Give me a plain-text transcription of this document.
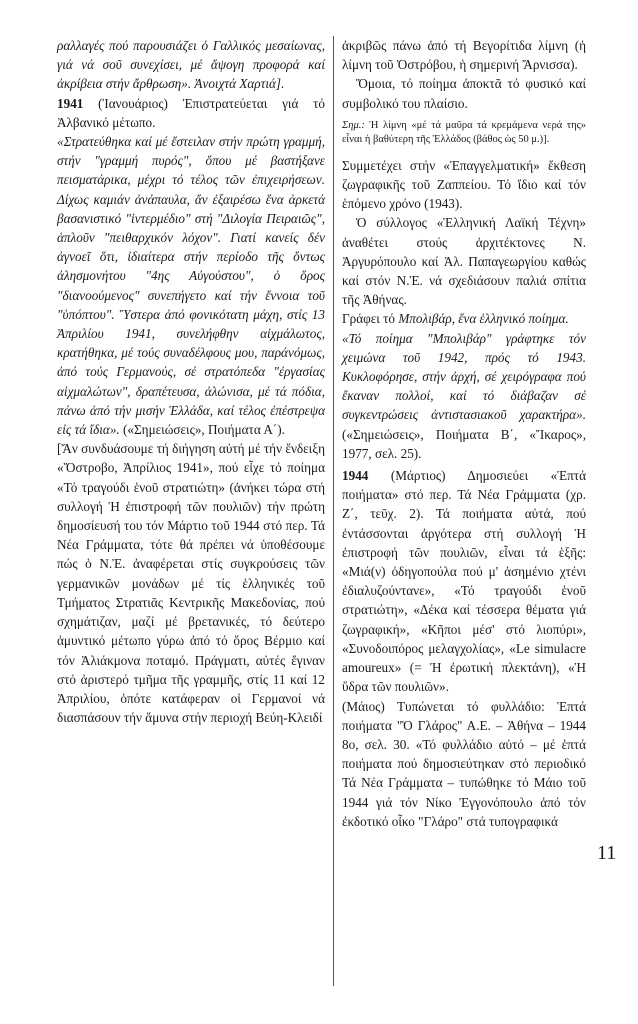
ραλλαγές πού παρουσιάζει ὁ Γαλλικός μεσαίωνας, γιά νά σοῦ συνεχίσει, μέ ἄψογη προφορά καί ἀκρίβεια στήν ἄρθρωση». Ἀνοιχτά Χαρτιά].

1941 (Ἰανουάριος) Ἐπιστρατεύεται γιά τό Ἀλβανικό μέτωπο.

«Στρατεύθηκα καί μέ ἔστειλαν στήν πρώτη γραμμή, στήν "γραμμή πυρός", ὅπου μέ βαστήξανε πεισματάρικα, μέχρι τό τέλος τῶν ἐπιχειρήσεων. Δίχως καμιάν ἀνάπαυλα, ἄν ἐξαιρέσω ἕνα ἀρκετά βασανιστικό "ἰντερμέδιο" στή "Διλογία Πειραιῶς", ἁπλοῦν "πειθαρχικόν λόχον". Γιατί κανείς δέν ἀγνοεῖ ὅτι, ἰδιαίτερα στήν περίοδο τῆς ὄντως ἀλησμονήτου "4ης Αὐγούστου", ὁ ὅρος "διανοούμενος" συνεπήγετο καί τήν ἔννοια τοῦ "ὑπόπτου". Ὕστερα ἀπό φονικότατη μάχη, στίς 13 Ἀπριλίου 1941, συνελήφθην αἰχμάλωτος, κρατήθηκα, μέ τούς συναδέλφους μου, παράνόμως, ἀπό τούς Γερμανούς, σέ στρατόπεδα "ἐργασίας αἰχμαλώτων", δραπέτευσα, ἀλώνισα, μέ τά πόδια, πάνω ἀπό τήν μισήν Ἑλλάδα, καί τέλος ἐπέστρεψα εἰς τά ἴδια». («Σημειώσεις», Ποιήματα Α΄).

[Ἄν συνδυάσουμε τή διήγηση αὐτή μέ τήν ἔνδειξη «Ὄστροβο, Ἀπρίλιος 1941», πού εἶχε τό ποίημα «Τό τραγούδι ἑνοῦ στρατιώτη» (ἀνήκει τώρα στή συλλογή Ἡ ἐπιστροφή τῶν πουλιῶν) τήν πρώτη δημοσίευσή του τόν Μάρτιο τοῦ 1944 στό περ. Τά Νέα Γράμματα, τότε θά πρέπει νά ὑποθέσουμε πώς ὁ Ν.Ἐ. ἀναφέρεται στίς συγκρούσεις τῶν γερμανικῶν μονάδων μέ τίς ἑλληνικές τοῦ Τμήματος Στρατιᾶς Κεντρικῆς Μακεδονίας, πού σχημάτιζαν, μαζί μέ βρετανικές, τό δεύτερο ἀμυντικό μέτωπο γύρω ἀπό τό ὄρος Βέρμιο καί τόν Ἀλιάκμονα ποταμό. Πράγματι, αὐτές ἔγιναν στό ἀριστερό τμῆμα τῆς γραμμῆς, στίς 11 καί 12 Ἀπριλίου, ὁπότε κατάφεραν οἱ Γερμανοί νά διασπάσουν τήν ἄμυνα στήν περιοχή Βεύη-Κλειδί

ἀκριβῶς πάνω ἀπό τή Βεγορίτιδα λίμνη (ἡ λίμνη τοῦ Ὀστρόβου, ἡ σημερινή Ἄρνισσα).

Ὅμοια, τό ποίημα ἀποκτᾶ τό φυσικό καί συμβολικό του πλαίσιο.

Σημ.: Ἡ λίμνη «μέ τά μαῦρα τά κρεμάμενα νερά της» εἶναι ἡ βαθύτερη τῆς Ἑλλάδος (βάθος ὡς 50 μ.)].

Συμμετέχει στήν «Ἐπαγγελματική» ἔκθεση ζωγραφικῆς τοῦ Ζαππείου. Τό ἴδιο καί τόν ἑπόμενο χρόνο (1943).

Ὁ σύλλογος «Ἑλληνική Λαϊκή Τέχνη» ἀναθέτει στούς ἀρχιτέκτονες Ν. Ἀργυρόπουλο καί Ἀλ. Παπαγεωργίου καθώς καί στόν Ν.Ἐ. νά σχεδιάσουν παλιά σπίτια τῆς Ἀθήνας.

Γράφει τό Μπολιβάρ, ἕνα ἑλληνικό ποίημα.

«Τό ποίημα "Μπολιβάρ" γράφτηκε τόν χειμώνα τοῦ 1942, πρός τό 1943. Κυκλοφόρησε, στήν ἀρχή, σέ χειρόγραφα πού ἔκαναν πολλοί, καί τό διάβαζαν σέ συγκεντρώσεις ἀντιστασιακοῦ χαρακτήρα». («Σημειώσεις», Ποιήματα Β΄, «Ἴκαρος», 1977, σελ. 25).

1944 (Μάρτιος) Δημοσιεύει «Ἑπτά ποιήματα» στό περ. Τά Νέα Γράμματα (χρ. Ζ΄, τεῦχ. 2). Τά ποιήματα αὐτά, πού ἐντάσσονται ἀργότερα στή συλλογή Ἡ ἐπιστροφή τῶν πουλιῶν, εἶναι τά ἑξῆς: «Μιά(ν) ὀδηγοπούλα πού μ' ἀσημένιο χτένι ἐδιαλυζούντανε», «Τό τραγούδι ἑνοῦ στρατιώτη», «Δέκα καί τέσσερα θέματα γιά ζωγραφική», «Κῆποι μέσ' στό λιοπύρι», «Συνοδοιπόρος μελαγχολίας», «Le simulacre amoureux» (= Ἡ ἐρωτική πλεκτάνη), «Ἡ ὕδρα τῶν πουλιῶν».

(Μάιος) Τυπώνεται τό φυλλάδιο: Ἑπτά ποιήματα "Ὁ Γλάρος" Α.Ε. – Ἀθήνα – 1944 8ο, σελ. 30. «Τό φυλλάδιο αὐτό – μέ ἑπτά ποιήματα πού δημοσιεύτηκαν στό περιοδικό Τά Νέα Γράμματα – τυπώθηκε τό Μάιο τοῦ 1944 γιά τόν Νίκο Ἐγγονόπουλο ἀπό τόν ἐκδοτικό οἶκο "Γλάρο" στά τυπογραφικά

11
